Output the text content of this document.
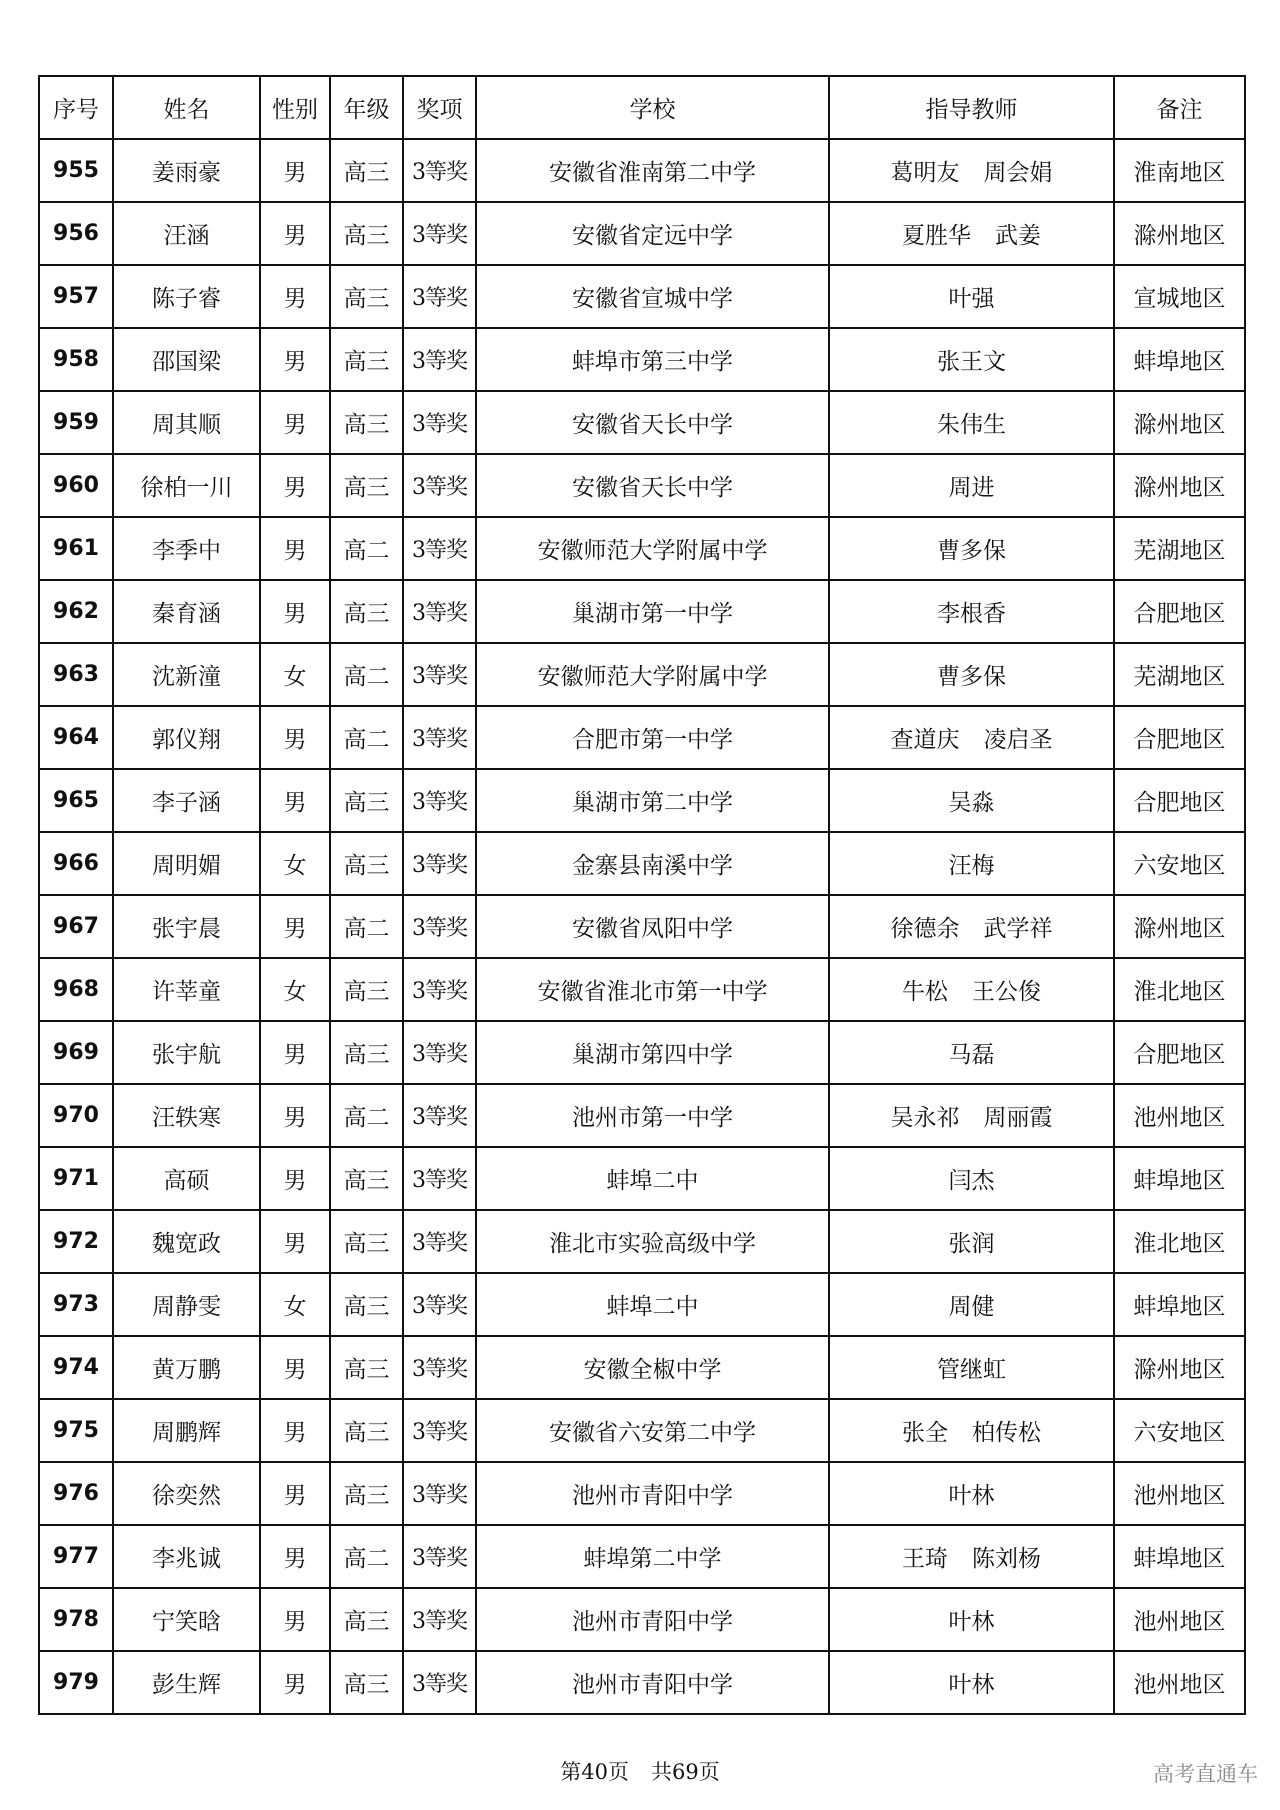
序号	姓名	性别	年级	奖项	学校	指导教师	备注
955	姜雨豪	男	高三	3等奖	安徽省淮南第二中学	葛明友 周会娟	淮南地区
956	汪涵	男	高三	3等奖	安徽省定远中学	夏胜华 武姜	滁州地区
957	陈子睿	男	高三	3等奖	安徽省宣城中学	叶强	宣城地区
958	邵国梁	男	高三	3等奖	蚌埠市第三中学	张王文	蚌埠地区
959	周其顺	男	高三	3等奖	安徽省天长中学	朱伟生	滁州地区
960	徐柏一川	男	高三	3等奖	安徽省天长中学	周进	滁州地区
961	李季中	男	高二	3等奖	安徽师范大学附属中学	曹多保	芜湖地区
962	秦育涵	男	高三	3等奖	巢湖市第一中学	李根香	合肥地区
963	沈新潼	女	高二	3等奖	安徽师范大学附属中学	曹多保	芜湖地区
964	郭仪翔	男	高二	3等奖	合肥市第一中学	查道庆 凌启圣	合肥地区
965	李子涵	男	高三	3等奖	巢湖市第二中学	吴淼	合肥地区
966	周明媚	女	高三	3等奖	金寨县南溪中学	汪梅	六安地区
967	张宇晨	男	高二	3等奖	安徽省凤阳中学	徐德余 武学祥	滁州地区
968	许莘童	女	高三	3等奖	安徽省淮北市第一中学	牛松 王公俊	淮北地区
969	张宇航	男	高三	3等奖	巢湖市第四中学	马磊	合肥地区
970	汪轶寒	男	高二	3等奖	池州市第一中学	吴永祁 周丽霞	池州地区
971	高硕	男	高三	3等奖	蚌埠二中	闫杰	蚌埠地区
972	魏宽政	男	高三	3等奖	淮北市实验高级中学	张润	淮北地区
973	周静雯	女	高三	3等奖	蚌埠二中	周健	蚌埠地区
974	黄万鹏	男	高三	3等奖	安徽全椒中学	管继虹	滁州地区
975	周鹏辉	男	高三	3等奖	安徽省六安第二中学	张全 柏传松	六安地区
976	徐奕然	男	高三	3等奖	池州市青阳中学	叶林	池州地区
977	李兆诚	男	高二	3等奖	蚌埠第二中学	王琦 陈刘杨	蚌埠地区
978	宁笑晗	男	高三	3等奖	池州市青阳中学	叶林	池州地区
979	彭生辉	男	高三	3等奖	池州市青阳中学	叶林	池州地区
第40页 共69页	高考直通车
